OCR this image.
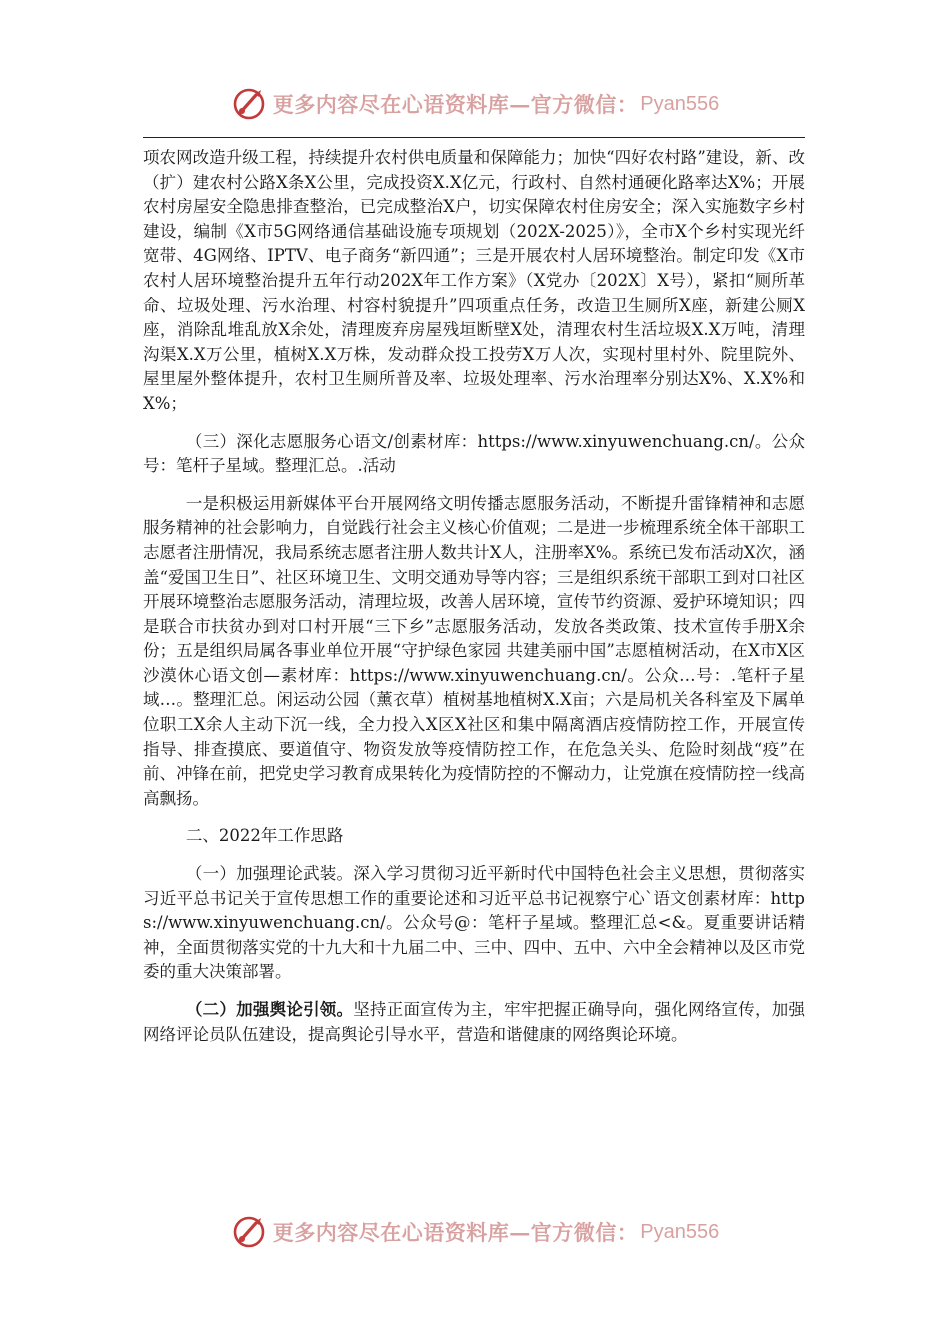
更多内容尽在心语资料库—官方微信： Pyan556

项农网改造升级工程，持续提升农村供电质量和保障能力；加快“四好农村路”建设，新、改（扩）建农村公路X条X公里，完成投资X.X亿元，行政村、自然村通硬化路率达X%；开展农村房屋安全隐患排查整治，已完成整治X户，切实保障农村住房安全；深入实施数字乡村建设，编制《X市5G网络通信基础设施专项规划（202X-2025）》，全市X个乡村实现光纤宽带、4G网络、IPTV、电子商务“新四通”；三是开展农村人居环境整治。制定印发《X市农村人居环境整治提升五年行动202X年工作方案》（X党办〔202X〕X号），紧扣“厕所革命、垃圾处理、污水治理、村容村貌提升”四项重点任务，改造卫生厕所X座，新建公厕X座，消除乱堆乱放X余处，清理废弃房屋残垣断壁X处，清理农村生活垃圾X.X万吨，清理沟渠X.X万公里，植树X.X万株，发动群众投工投劳X万人次，实现村里村外、院里院外、屋里屋外整体提升，农村卫生厕所普及率、垃圾处理率、污水治理率分别达X%、X.X%和X%；

（三）深化志愿服务心语文/创素材库：https://www.xinyuwenchuang.cn/。公众号：笔杆子星域。整理汇总。.活动

一是积极运用新媒体平台开展网络文明传播志愿服务活动，不断提升雷锋精神和志愿服务精神的社会影响力，自觉践行社会主义核心价值观；二是进一步梳理系统全体干部职工志愿者注册情况，我局系统志愿者注册人数共计X人，注册率X%。系统已发布活动X次，涵盖“爱国卫生日”、社区环境卫生、文明交通劝导等内容；三是组织系统干部职工到对口社区开展环境整治志愿服务活动，清理垃圾，改善人居环境，宣传节约资源、爱护环境知识；四是联合市扶贫办到对口村开展“三下乡”志愿服务活动，发放各类政策、技术宣传手册X余份；五是组织局属各事业单位开展“守护绿色家园 共建美丽中国”志愿植树活动，在X市X区沙漠休心语文创—素材库：https://www.xinyuwenchuang.cn/。公众…号：.笔杆子星域…。整理汇总。闲运动公园（薰衣草）植树基地植树X.X亩；六是局机关各科室及下属单位职工X余人主动下沉一线，全力投入X区X社区和集中隔离酒店疫情防控工作，开展宣传指导、排查摸底、要道值守、物资发放等疫情防控工作，在危急关头、危险时刻战“疫”在前、冲锋在前，把党史学习教育成果转化为疫情防控的不懈动力，让党旗在疫情防控一线高高飘扬。

二、2022年工作思路

（一）加强理论武装。深入学习贯彻习近平新时代中国特色社会主义思想，贯彻落实习近平总书记关于宣传思想工作的重要论述和习近平总书记视察宁心`语文创素材库：https://www.xinyuwenchuang.cn/。公众号@：笔杆子星域。整理汇总<&。夏重要讲话精神，全面贯彻落实党的十九大和十九届二中、三中、四中、五中、六中全会精神以及区市党委的重大决策部署。

（二）加强舆论引领。坚持正面宣传为主，牢牢把握正确导向，强化网络宣传，加强网络评论员队伍建设，提高舆论引导水平，营造和谐健康的网络舆论环境。

更多内容尽在心语资料库—官方微信： Pyan556
